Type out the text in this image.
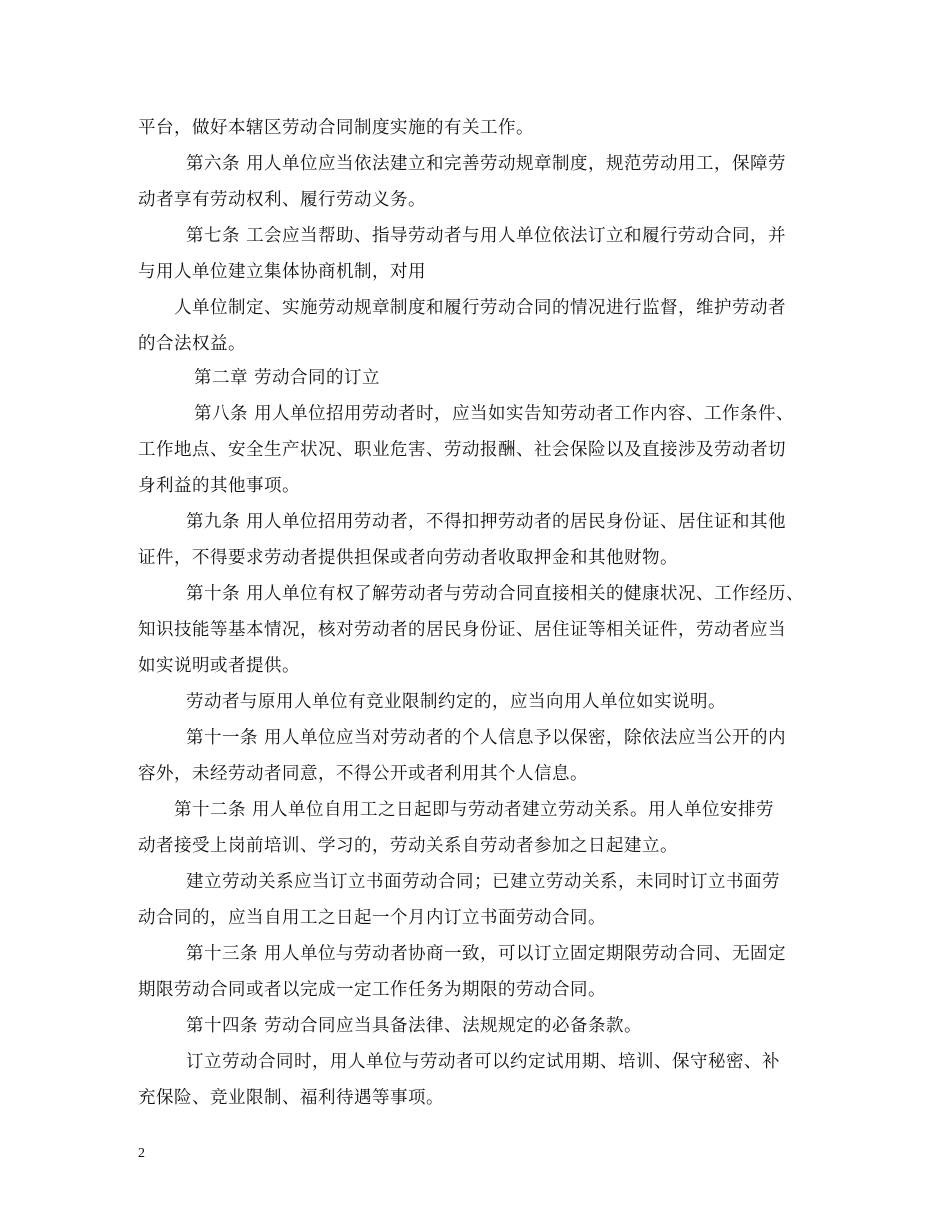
平台，做好本辖区劳动合同制度实施的有关工作。
第六条 用人单位应当依法建立和完善劳动规章制度，规范劳动用工，保障劳
动者享有劳动权利、履行劳动义务。
第七条 工会应当帮助、指导劳动者与用人单位依法订立和履行劳动合同，并
与用人单位建立集体协商机制，对用
人单位制定、实施劳动规章制度和履行劳动合同的情况进行监督，维护劳动者
的合法权益。
第二章 劳动合同的订立
第八条 用人单位招用劳动者时，应当如实告知劳动者工作内容、工作条件、
工作地点、安全生产状况、职业危害、劳动报酬、社会保险以及直接涉及劳动者切
身利益的其他事项。
第九条 用人单位招用劳动者，不得扣押劳动者的居民身份证、居住证和其他
证件，不得要求劳动者提供担保或者向劳动者收取押金和其他财物。
第十条 用人单位有权了解劳动者与劳动合同直接相关的健康状况、工作经历、
知识技能等基本情况，核对劳动者的居民身份证、居住证等相关证件，劳动者应当
如实说明或者提供。
劳动者与原用人单位有竞业限制约定的，应当向用人单位如实说明。
第十一条 用人单位应当对劳动者的个人信息予以保密，除依法应当公开的内
容外，未经劳动者同意，不得公开或者利用其个人信息。
第十二条 用人单位自用工之日起即与劳动者建立劳动关系。用人单位安排劳
动者接受上岗前培训、学习的，劳动关系自劳动者参加之日起建立。
建立劳动关系应当订立书面劳动合同；已建立劳动关系，未同时订立书面劳
动合同的，应当自用工之日起一个月内订立书面劳动合同。
第十三条 用人单位与劳动者协商一致，可以订立固定期限劳动合同、无固定
期限劳动合同或者以完成一定工作任务为期限的劳动合同。
第十四条 劳动合同应当具备法律、法规规定的必备条款。
订立劳动合同时，用人单位与劳动者可以约定试用期、培训、保守秘密、补
充保险、竞业限制、福利待遇等事项。
2
